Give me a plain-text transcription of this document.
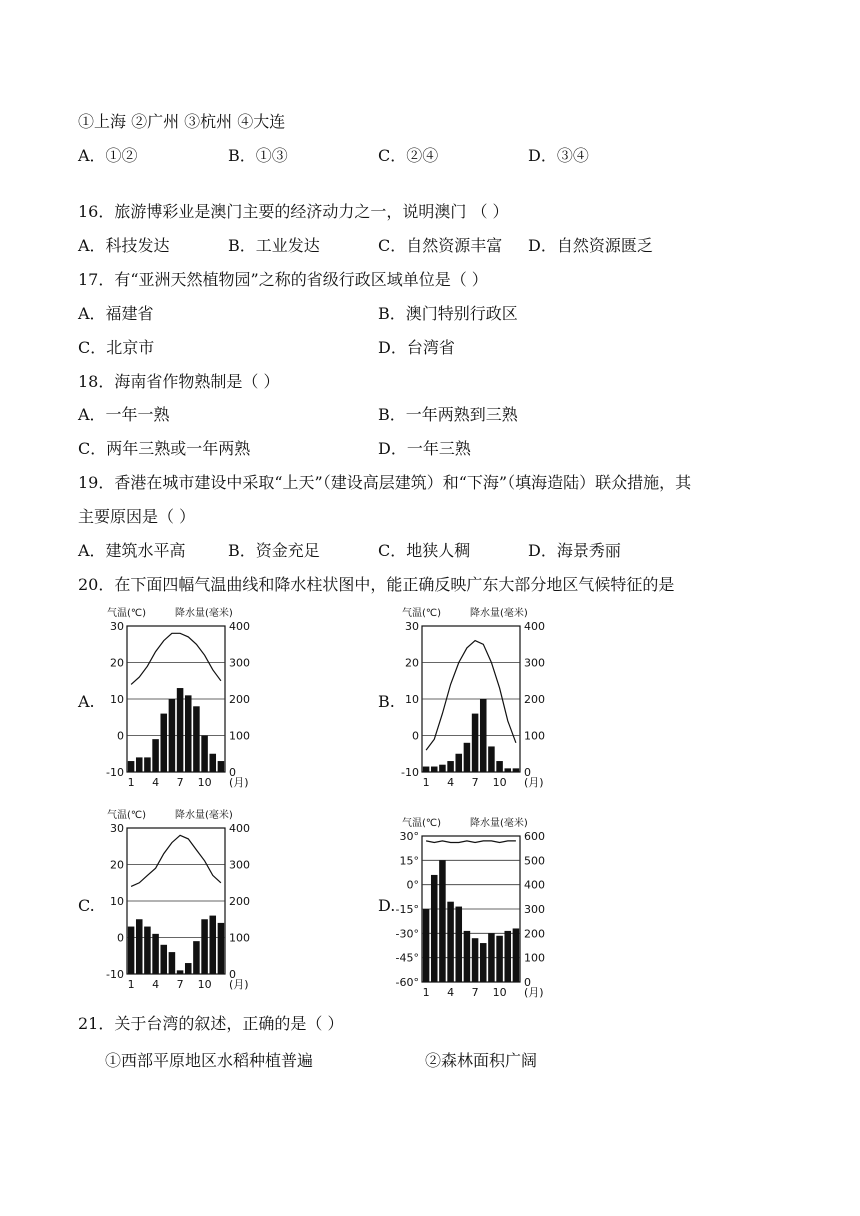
①上海 ②广州 ③杭州 ④大连
A．①②	B．①③	C．②④	D．③④
16．旅游博彩业是澳门主要的经济动力之一，说明澳门 （ ）
A．科技发达	B．工业发达	C．自然资源丰富 D．自然资源匮乏
17．有“亚洲天然植物园”之称的省级行政区域单位是（ ）
A．福建省	B．澳门特别行政区
C．北京市	D．台湾省
18．海南省作物熟制是（ ）
A．一年一熟	B．一年两熟到三熟
C．两年三熟或一年两熟	D．一年三熟
19．香港在城市建设中采取“上天”（建设高层建筑）和“下海”（填海造陆）联众措施，其
主要原因是（ ）
A．建筑水平高	B．资金充足	C．地狭人稠	D．海景秀丽
20．在下面四幅气温曲线和降水柱状图中，能正确反映广东大部分地区气候特征的是
A.	B.
C.	D.
气温(℃)	降水量(毫米)
30
20
10
0
-10
400
300
200
100
0
1 4 7 10 (月)
气温(℃)	降水量(毫米)
30
20
10
0
-10
400
300
200
100
0
1 4 7 10 (月)
气温(℃)	降水量(毫米)
30
20
10
0
-10
400
300
200
100
0
1 4 7 10 (月)
气温(℃)	降水量(毫米)
30°
15°
0°
-15°
-30°
-45°
-60°
600
500
400
300
200
100
0
1 4 7 10 (月)
21．关于台湾的叙述，正确的是（ ）
①西部平原地区水稻种植普遍	②森林面积广阔
